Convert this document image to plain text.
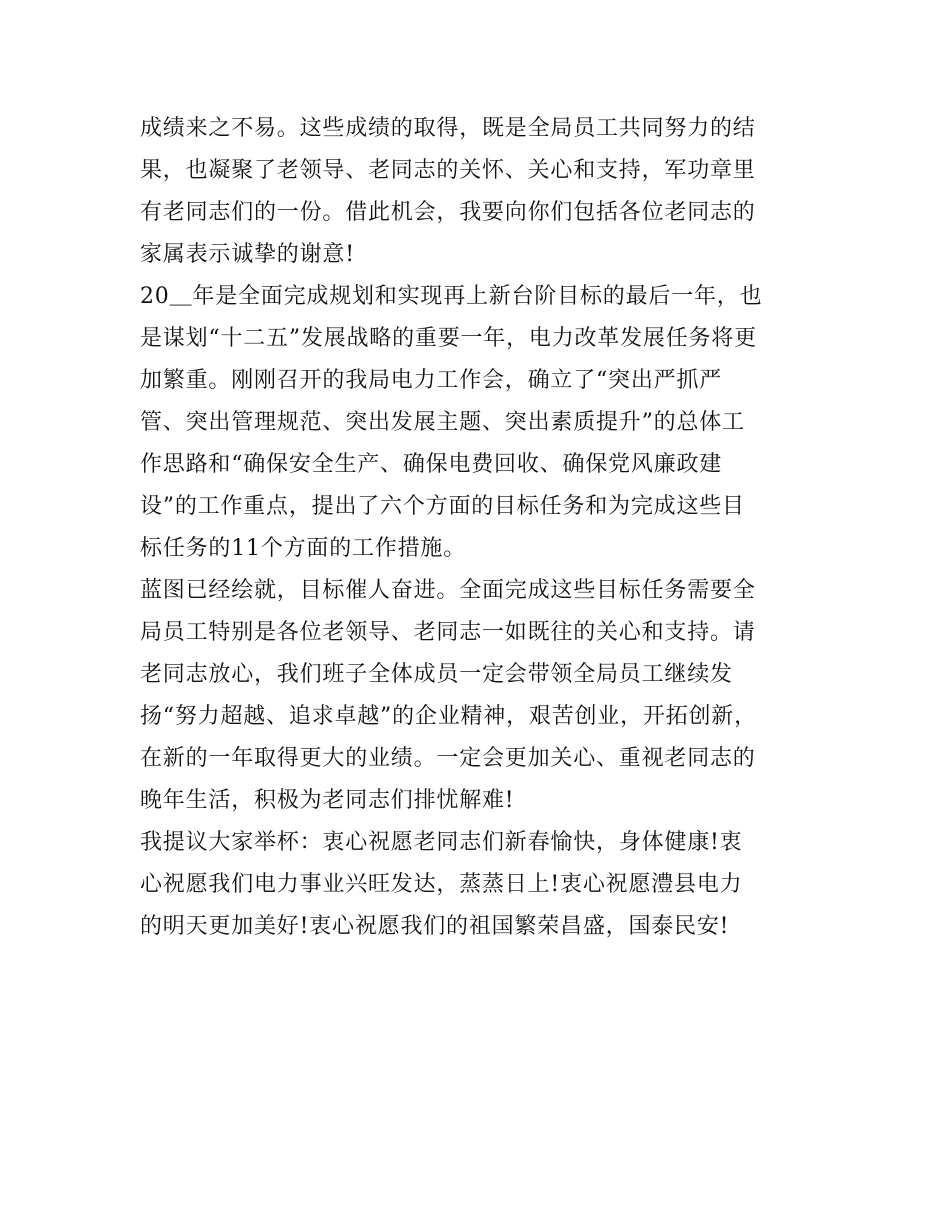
成绩来之不易。这些成绩的取得，既是全局员工共同努力的结
果，也凝聚了老领导、老同志的关怀、关心和支持，军功章里
有老同志们的一份。借此机会，我要向你们包括各位老同志的
家属表示诚挚的谢意!
20＿年是全面完成规划和实现再上新台阶目标的最后一年，也
是谋划“十二五”发展战略的重要一年，电力改革发展任务将更
加繁重。刚刚召开的我局电力工作会，确立了“突出严抓严
管、突出管理规范、突出发展主题、突出素质提升”的总体工
作思路和“确保安全生产、确保电费回收、确保党风廉政建
设”的工作重点，提出了六个方面的目标任务和为完成这些目
标任务的11个方面的工作措施。
蓝图已经绘就，目标催人奋进。全面完成这些目标任务需要全
局员工特别是各位老领导、老同志一如既往的关心和支持。请
老同志放心，我们班子全体成员一定会带领全局员工继续发
扬“努力超越、追求卓越”的企业精神，艰苦创业，开拓创新，
在新的一年取得更大的业绩。一定会更加关心、重视老同志的
晚年生活，积极为老同志们排忧解难!
我提议大家举杯：衷心祝愿老同志们新春愉快，身体健康!衷
心祝愿我们电力事业兴旺发达，蒸蒸日上!衷心祝愿澧县电力
的明天更加美好!衷心祝愿我们的祖国繁荣昌盛，国泰民安!
